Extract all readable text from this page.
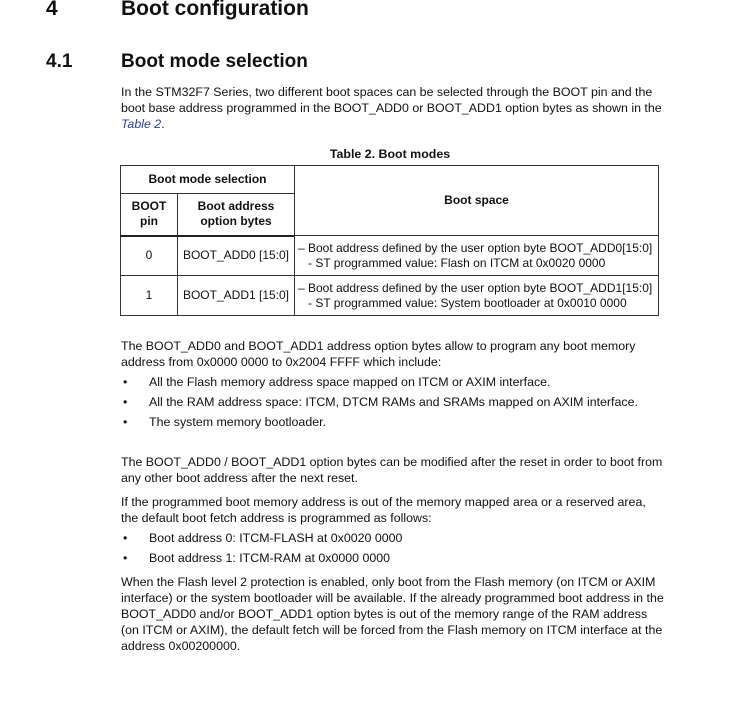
4	Boot configuration
4.1	Boot mode selection
In the STM32F7 Series, two different boot spaces can be selected through the BOOT pin and the boot base address programmed in the BOOT_ADD0 or BOOT_ADD1 option bytes as shown in the Table 2.
Table 2. Boot modes
Boot mode selection		Boot space
BOOT pin	Boot address option bytes	
0	BOOT_ADD0 [15:0]	– Boot address defined by the user option byte BOOT_ADD0[15:0]
- ST programmed value: Flash on ITCM at 0x0020 0000

1	BOOT_ADD1 [15:0]	– Boot address defined by the user option byte BOOT_ADD1[15:0]
- ST programmed value: System bootloader at 0x0010 0000
The BOOT_ADD0 and BOOT_ADD1 address option bytes allow to program any boot memory address from 0x0000 0000 to 0x2004 FFFF which include:
• All the Flash memory address space mapped on ITCM or AXIM interface.
• All the RAM address space: ITCM, DTCM RAMs and SRAMs mapped on AXIM interface.
• The system memory bootloader.
The BOOT_ADD0 / BOOT_ADD1 option bytes can be modified after the reset in order to boot from any other boot address after the next reset.
If the programmed boot memory address is out of the memory mapped area or a reserved area, the default boot fetch address is programmed as follows:
• Boot address 0: ITCM-FLASH at 0x0020 0000
• Boot address 1: ITCM-RAM at 0x0000 0000
When the Flash level 2 protection is enabled, only boot from the Flash memory (on ITCM or AXIM interface) or the system bootloader will be available. If the already programmed boot address in the BOOT_ADD0 and/or BOOT_ADD1 option bytes is out of the memory range of the RAM address (on ITCM or AXIM), the default fetch will be forced from the Flash memory on ITCM interface at the address 0x00200000.
